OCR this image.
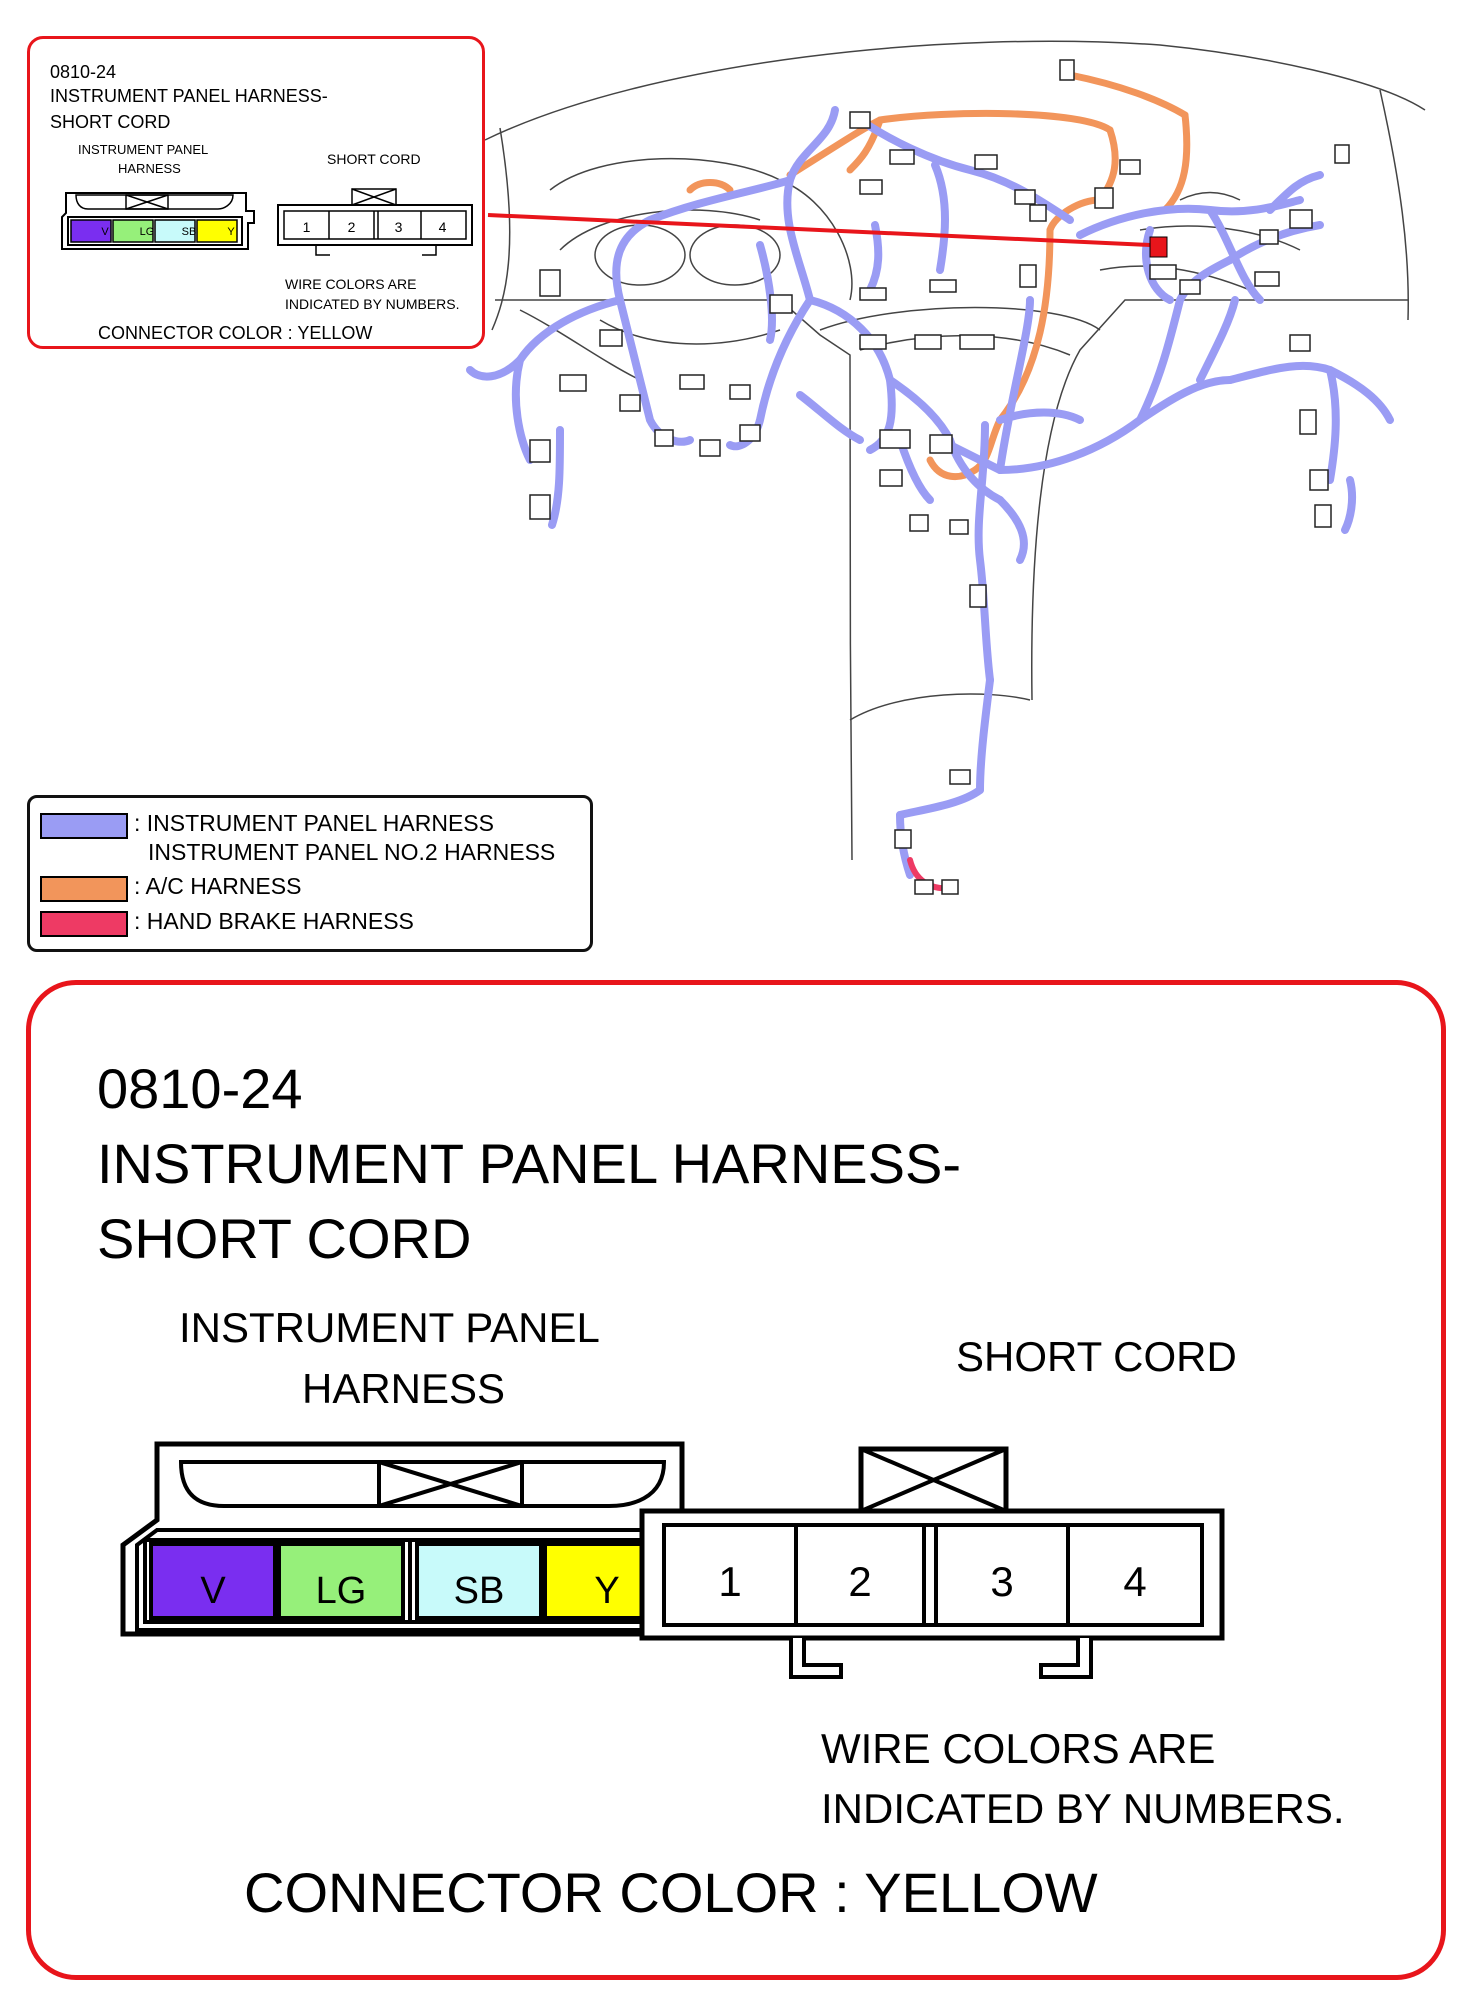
0810-24
INSTRUMENT PANEL HARNESS-
SHORT CORD
INSTRUMENT PANEL
HARNESS
SHORT CORD
V	LG	SB	Y	1	2	3	4
WIRE COLORS ARE
INDICATED BY NUMBERS.
CONNECTOR COLOR : YELLOW
: INSTRUMENT PANEL HARNESS
INSTRUMENT PANEL NO.2 HARNESS
: A/C HARNESS
: HAND BRAKE HARNESS
0810-24
INSTRUMENT PANEL HARNESS-
SHORT CORD
INSTRUMENT PANEL
HARNESS
SHORT CORD
V	LG	SB	Y	1	2	3	4
WIRE COLORS ARE
INDICATED BY NUMBERS.
CONNECTOR COLOR : YELLOW
